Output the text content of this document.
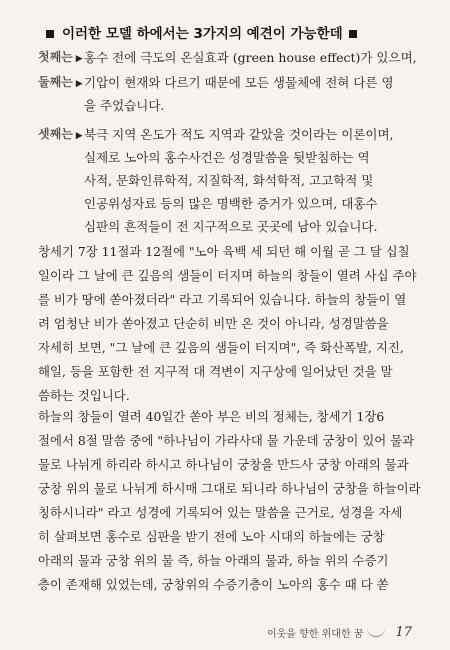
이러한 모델 하에서는 3가지의 예견이 가능한데
첫째는 ▶ 홍수 전에 극도의 온실효과 (green house effect)가 있으며,
둘째는 ▶ 기압이 현재와 다르기 때문에 모든 생물체에 전혀 다른 영
을 주었습니다.
셋째는 ▶ 북극 지역 온도가 적도 지역과 같았을 것이라는 이론이며,
실제로 노아의 홍수사건은 성경말씀을 뒷받침하는 역
사적, 문화인류학적, 지질학적, 화석학적, 고고학적 및
인공위성자료 등의 많은 명백한 증거가 있으며, 대홍수
심판의 흔적들이 전 지구적으로 곳곳에 남아 있습니다.
창세기 7장 11절과 12절에 "노아 육백 세 되던 해 이월 곧 그 달 십칠
일이라 그 날에 큰 깊음의 샘들이 터지며 하늘의 창들이 열려 사십 주야
를 비가 땅에 쏟아졌더라" 라고 기록되어 있습니다. 하늘의 창들이 열
려 엄청난 비가 쏟아졌고 단순히 비만 온 것이 아니라, 성경말씀을
자세히 보면, "그 날에 큰 깊음의 샘들이 터지며", 즉 화산폭발, 지진,
해일, 등을 포함한 전 지구적 대 격변이 지구상에 일어났던 것을 말
씀하는 것입니다.
하늘의 창들이 열려 40일간 쏟아 부은 비의 정체는, 창세기 1장6
절에서 8절 말씀 중에 "하나님이 가라사대 물 가운데 궁창이 있어 물과
물로 나뉘게 하리라 하시고 하나님이 궁창을 만드사 궁창 아래의 물과
궁창 위의 물로 나뉘게 하시매 그대로 되니라 하나님이 궁창을 하늘이라
칭하시니라" 라고 성경에 기록되어 있는 말씀을 근거로, 성경을 자세
히 살펴보면 홍수로 심판을 받기 전에 노아 시대의 하늘에는 궁창
아래의 물과 궁창 위의 물 즉, 하늘 아래의 물과, 하늘 위의 수증기
층이 존재해 있었는데, 궁창위의 수증기층이 노아의 홍수 때 다 쏟
이웃을 향한 위대한 꿈 17
